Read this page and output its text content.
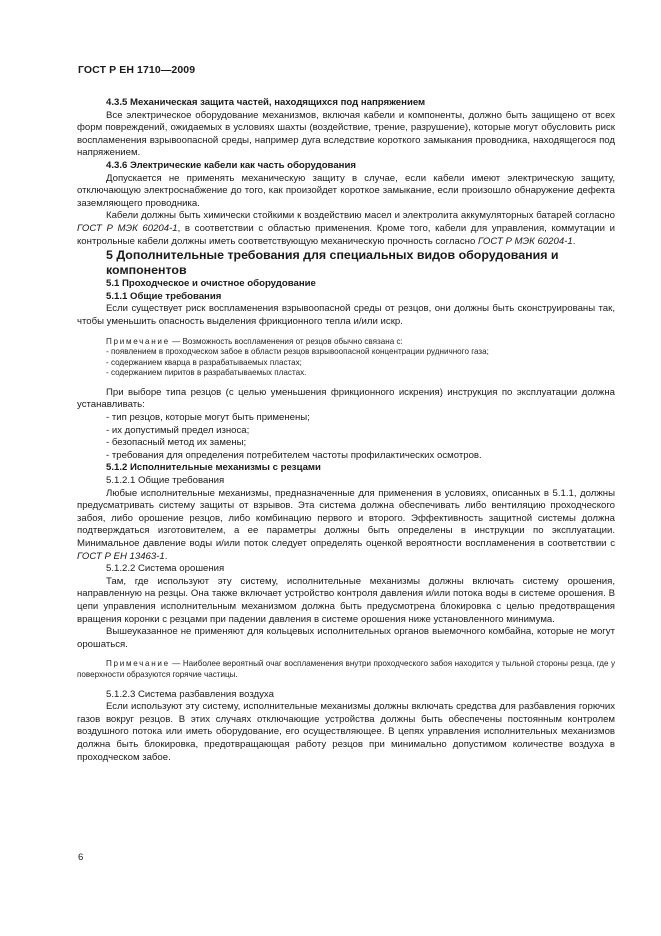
ГОСТ Р ЕН 1710—2009

4.3.5 Механическая защита частей, находящихся под напряжением

Все электрическое оборудование механизмов, включая кабели и компоненты, должно быть защищено от всех форм повреждений, ожидаемых в условиях шахты (воздействие, трение, разрушение), которые могут обусловить риск воспламенения взрывоопасной среды, например дуга вследствие короткого замыкания проводника, находящегося под напряжением.

4.3.6 Электрические кабели как часть оборудования

Допускается не применять механическую защиту в случае, если кабели имеют электрическую защиту, отключающую электроснабжение до того, как произойдет короткое замыкание, если произошло обнаружение дефекта заземляющего проводника.

Кабели должны быть химически стойкими к воздействию масел и электролита аккумуляторных батарей согласно ГОСТ Р МЭК 60204-1, в соответствии с областью применения. Кроме того, кабели для управления, коммутации и контрольные кабели должны иметь соответствующую механическую прочность согласно ГОСТ Р МЭК 60204-1.

5 Дополнительные требования для специальных видов оборудования и компонентов

5.1 Проходческое и очистное оборудование

5.1.1 Общие требования

Если существует риск воспламенения взрывоопасной среды от резцов, они должны быть сконструированы так, чтобы уменьшить опасность выделения фрикционного тепла и/или искр.

Примечание — Возможность воспламенения от резцов обычно связана с:

- появлением в проходческом забое в области резцов взрывоопасной концентрации рудничного газа;

- содержанием кварца в разрабатываемых пластах;

- содержанием пиритов в разрабатываемых пластах.

При выборе типа резцов (с целью уменьшения фрикционного искрения) инструкция по эксплуатации должна устанавливать:

- тип резцов, которые могут быть применены;

- их допустимый предел износа;

- безопасный метод их замены;

- требования для определения потребителем частоты профилактических осмотров.

5.1.2 Исполнительные механизмы с резцами

5.1.2.1 Общие требования

Любые исполнительные механизмы, предназначенные для применения в условиях, описанных в 5.1.1, должны предусматривать систему защиты от взрывов. Эта система должна обеспечивать либо вентиляцию проходческого забоя, либо орошение резцов, либо комбинацию первого и второго. Эффективность защитной системы должна подтверждаться изготовителем, а ее параметры должны быть определены в инструкции по эксплуатации. Минимальное давление воды и/или поток следует определять оценкой вероятности воспламенения в соответствии с ГОСТ Р ЕН 13463-1.

5.1.2.2 Система орошения

Там, где используют эту систему, исполнительные механизмы должны включать систему орошения, направленную на резцы. Она также включает устройство контроля давления и/или потока воды в системе орошения. В цепи управления исполнительным механизмом должна быть предусмотрена блокировка с целью предотвращения вращения коронки с резцами при падении давления в системе орошения ниже установленного минимума.

Вышеуказанное не применяют для кольцевых исполнительных органов выемочного комбайна, которые не могут орошаться.

Примечание — Наиболее вероятный очаг воспламенения внутри проходческого забоя находится у тыльной стороны резца, где у поверхности образуются горячие частицы.

5.1.2.3 Система разбавления воздуха

Если используют эту систему, исполнительные механизмы должны включать средства для разбавления горючих газов вокруг резцов. В этих случаях отключающие устройства должны быть обеспечены постоянным контролем воздушного потока или иметь оборудование, его осуществляющее. В цепях управления исполнительных механизмов должна быть блокировка, предотвращающая работу резцов при минимально допустимом количестве воздуха в проходческом забое.

6
